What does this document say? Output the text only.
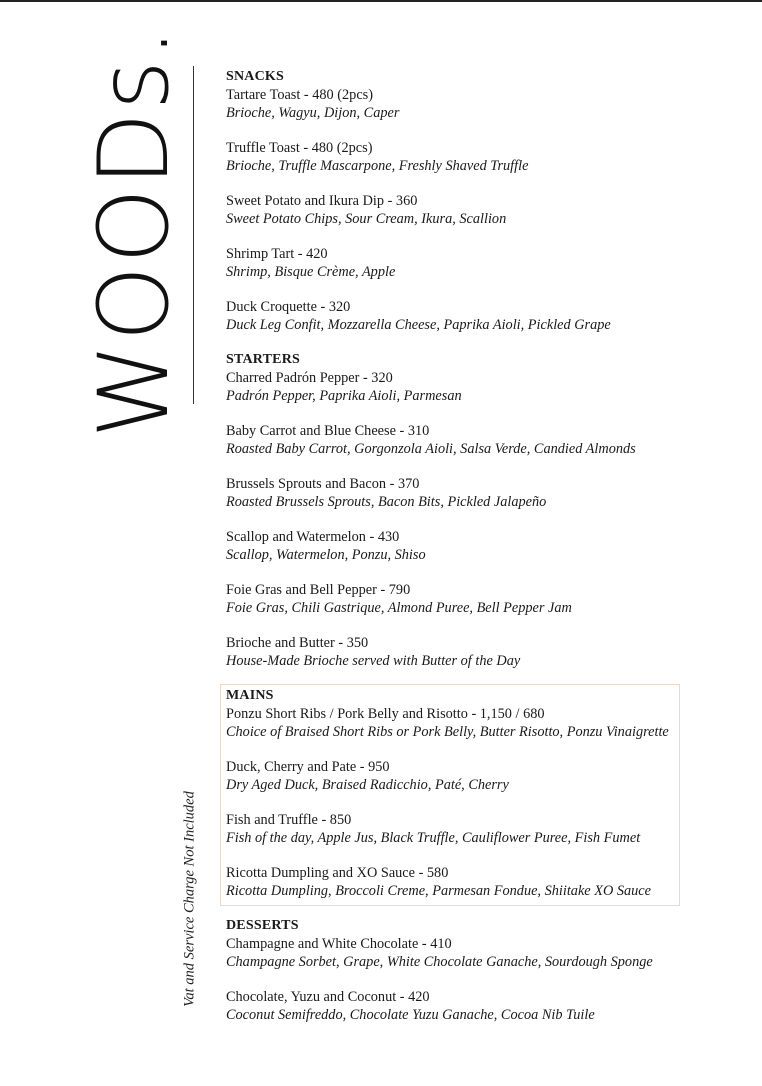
WOODs.
Vat and Service Charge Not Included
SNACKS
Tartare Toast - 480 (2pcs)
Brioche, Wagyu, Dijon, Caper
Truffle Toast - 480 (2pcs)
Brioche, Truffle Mascarpone, Freshly Shaved Truffle
Sweet Potato and Ikura Dip - 360
Sweet Potato Chips, Sour Cream, Ikura, Scallion
Shrimp Tart - 420
Shrimp, Bisque Crème, Apple
Duck Croquette - 320
Duck Leg Confit, Mozzarella Cheese, Paprika Aioli, Pickled Grape
STARTERS
Charred Padrón Pepper - 320
Padrón Pepper, Paprika Aioli, Parmesan
Baby Carrot and Blue Cheese - 310
Roasted Baby Carrot, Gorgonzola Aioli, Salsa Verde, Candied Almonds
Brussels Sprouts and Bacon - 370
Roasted Brussels Sprouts, Bacon Bits, Pickled Jalapeño
Scallop and Watermelon - 430
Scallop, Watermelon, Ponzu, Shiso
Foie Gras and Bell Pepper - 790
Foie Gras, Chili Gastrique, Almond Puree, Bell Pepper Jam
Brioche and Butter - 350
House-Made Brioche served with Butter of the Day
MAINS
Ponzu Short Ribs / Pork Belly and Risotto - 1,150 / 680
Choice of Braised Short Ribs or Pork Belly, Butter Risotto, Ponzu Vinaigrette
Duck, Cherry and Pate - 950
Dry Aged Duck, Braised Radicchio, Paté, Cherry
Fish and Truffle - 850
Fish of the day, Apple Jus, Black Truffle, Cauliflower Puree, Fish Fumet
Ricotta Dumpling and XO Sauce - 580
Ricotta Dumpling, Broccoli Creme, Parmesan Fondue, Shiitake XO Sauce
DESSERTS
Champagne and White Chocolate - 410
Champagne Sorbet, Grape, White Chocolate Ganache, Sourdough Sponge
Chocolate, Yuzu and Coconut - 420
Coconut Semifreddo, Chocolate Yuzu Ganache, Cocoa Nib Tuile
